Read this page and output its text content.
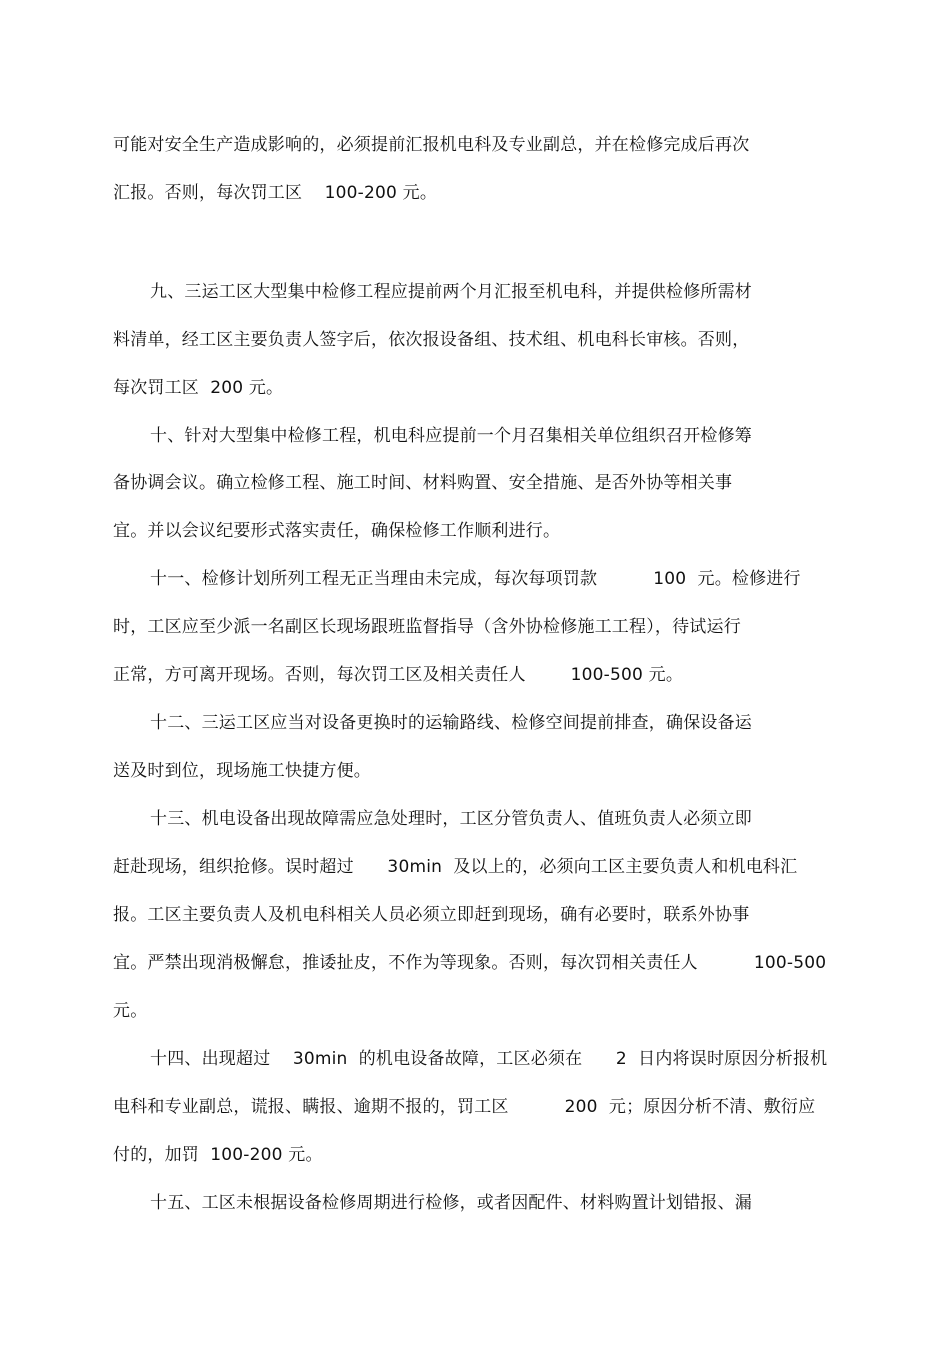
可能对安全生产造成影响的，必须提前汇报机电科及专业副总，并在检修完成后再次
汇报。否则，每次罚工区    100-200 元。
九、三运工区大型集中检修工程应提前两个月汇报至机电科，并提供检修所需材
料清单，经工区主要负责人签字后，依次报设备组、技术组、机电科长审核。否则，
每次罚工区  200 元。
十、针对大型集中检修工程，机电科应提前一个月召集相关单位组织召开检修筹
备协调会议。确立检修工程、施工时间、材料购置、安全措施、是否外协等相关事
宜。并以会议纪要形式落实责任，确保检修工作顺利进行。
十一、检修计划所列工程无正当理由未完成，每次每项罚款          100  元。检修进行
时，工区应至少派一名副区长现场跟班监督指导（含外协检修施工工程），待试运行
正常，方可离开现场。否则，每次罚工区及相关责任人        100-500 元。
十二、三运工区应当对设备更换时的运输路线、检修空间提前排查，确保设备运
送及时到位，现场施工快捷方便。
十三、机电设备出现故障需应急处理时，工区分管负责人、值班负责人必须立即
赶赴现场，组织抢修。误时超过      30min  及以上的，必须向工区主要负责人和机电科汇
报。工区主要负责人及机电科相关人员必须立即赶到现场，确有必要时，联系外协事
宜。严禁出现消极懈怠，推诿扯皮，不作为等现象。否则，每次罚相关责任人          100-500
元。
十四、出现超过    30min  的机电设备故障，工区必须在      2  日内将误时原因分析报机
电科和专业副总，谎报、瞒报、逾期不报的，罚工区          200  元；原因分析不清、敷衍应
付的，加罚  100-200 元。
十五、工区未根据设备检修周期进行检修，或者因配件、材料购置计划错报、漏
